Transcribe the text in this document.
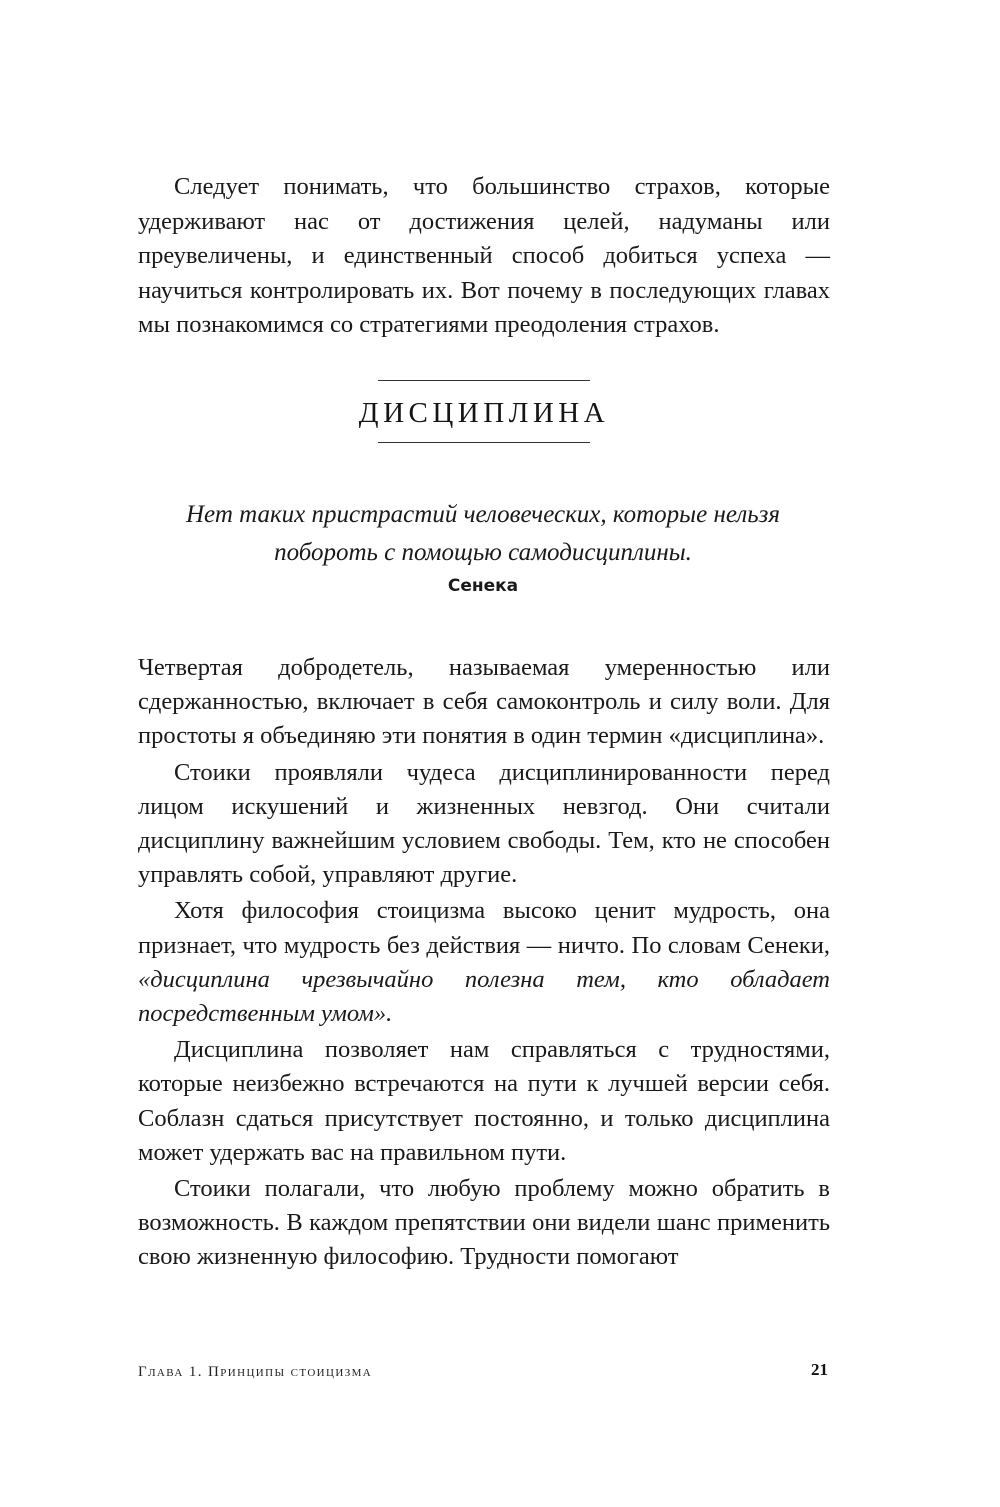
Следует понимать, что большинство страхов, которые удерживают нас от достижения целей, надуманы или преувеличены, и единственный способ добиться успеха — научиться контролировать их. Вот почему в последующих главах мы познакомимся со стратегиями преодоления страхов.

ДИСЦИПЛИНА

Нет таких пристрастий человеческих, которые нельзя побороть с помощью самодисциплины.

Сенека

Четвертая добродетель, называемая умеренностью или сдержанностью, включает в себя самоконтроль и силу воли. Для простоты я объединяю эти понятия в один термин «дисциплина».

Стоики проявляли чудеса дисциплинированности перед лицом искушений и жизненных невзгод. Они считали дисциплину важнейшим условием свободы. Тем, кто не способен управлять собой, управляют другие.

Хотя философия стоицизма высоко ценит мудрость, она признает, что мудрость без действия — ничто. По словам Сенеки, «дисциплина чрезвычайно полезна тем, кто обладает посредственным умом».

Дисциплина позволяет нам справляться с трудностями, которые неизбежно встречаются на пути к лучшей версии себя. Соблазн сдаться присутствует постоянно, и только дисциплина может удержать вас на правильном пути.

Стоики полагали, что любую проблему можно обратить в возможность. В каждом препятствии они видели шанс применить свою жизненную философию. Трудности помогают

Глава 1. Принципы стоицизма	21
